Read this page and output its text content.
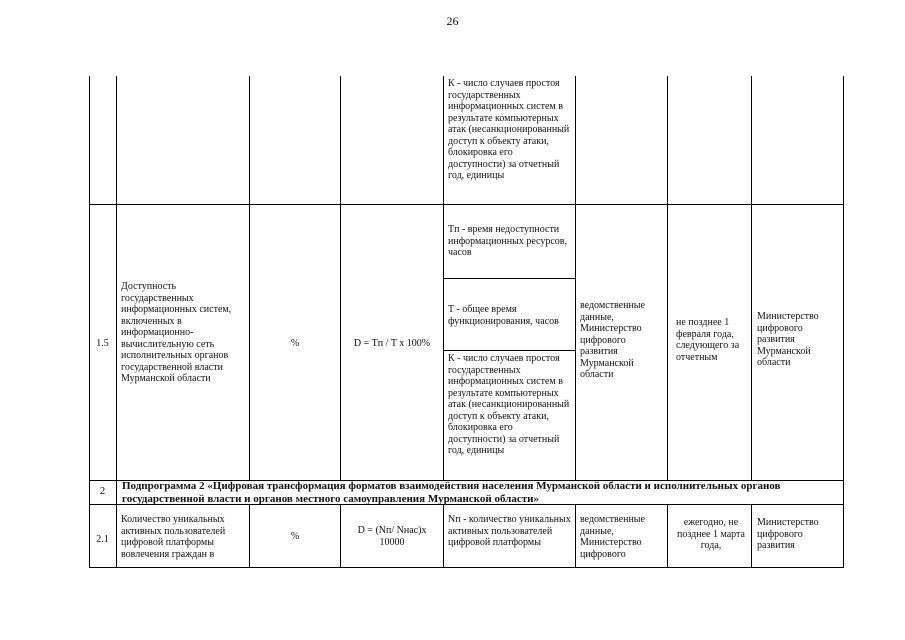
26
К - число случаев простоя государственных информационных систем в результате компьютерных атак (несанкционированный доступ к объекту атаки, блокировка его доступности) за отчетный год, единицы
1.5
Доступность государственных информационных систем, включенных в информационно-вычислительную сеть исполнительных органов государственной власти Мурманской области
%	D = Tп / T x 100%
Tп - время недоступности информационных ресурсов, часов
T - общее время функционирования, часов
К - число случаев простоя государственных информационных систем в результате компьютерных атак (несанкционированный доступ к объекту атаки, блокировка его доступности) за отчетный год, единицы
ведомственные данные, Министерство цифрового развития Мурманской области
не позднее 1 февраля года, следующего за отчетным
Министерство цифрового развития Мурманской области
2	Подпрограмма 2 «Цифровая трансформация форматов взаимодействия населения Мурманской области и исполнительных органов государственной власти и органов местного самоуправления Мурманской области»
2.1
Количество уникальных активных пользователей цифровой платформы вовлечения граждан в
%
D = (Nп/ Nнас)x 10000
Nп - количество уникальных активных пользователей цифровой платформы
ведомственные данные, Министерство цифрового
ежегодно, не позднее 1 марта года,
Министерство цифрового развития
